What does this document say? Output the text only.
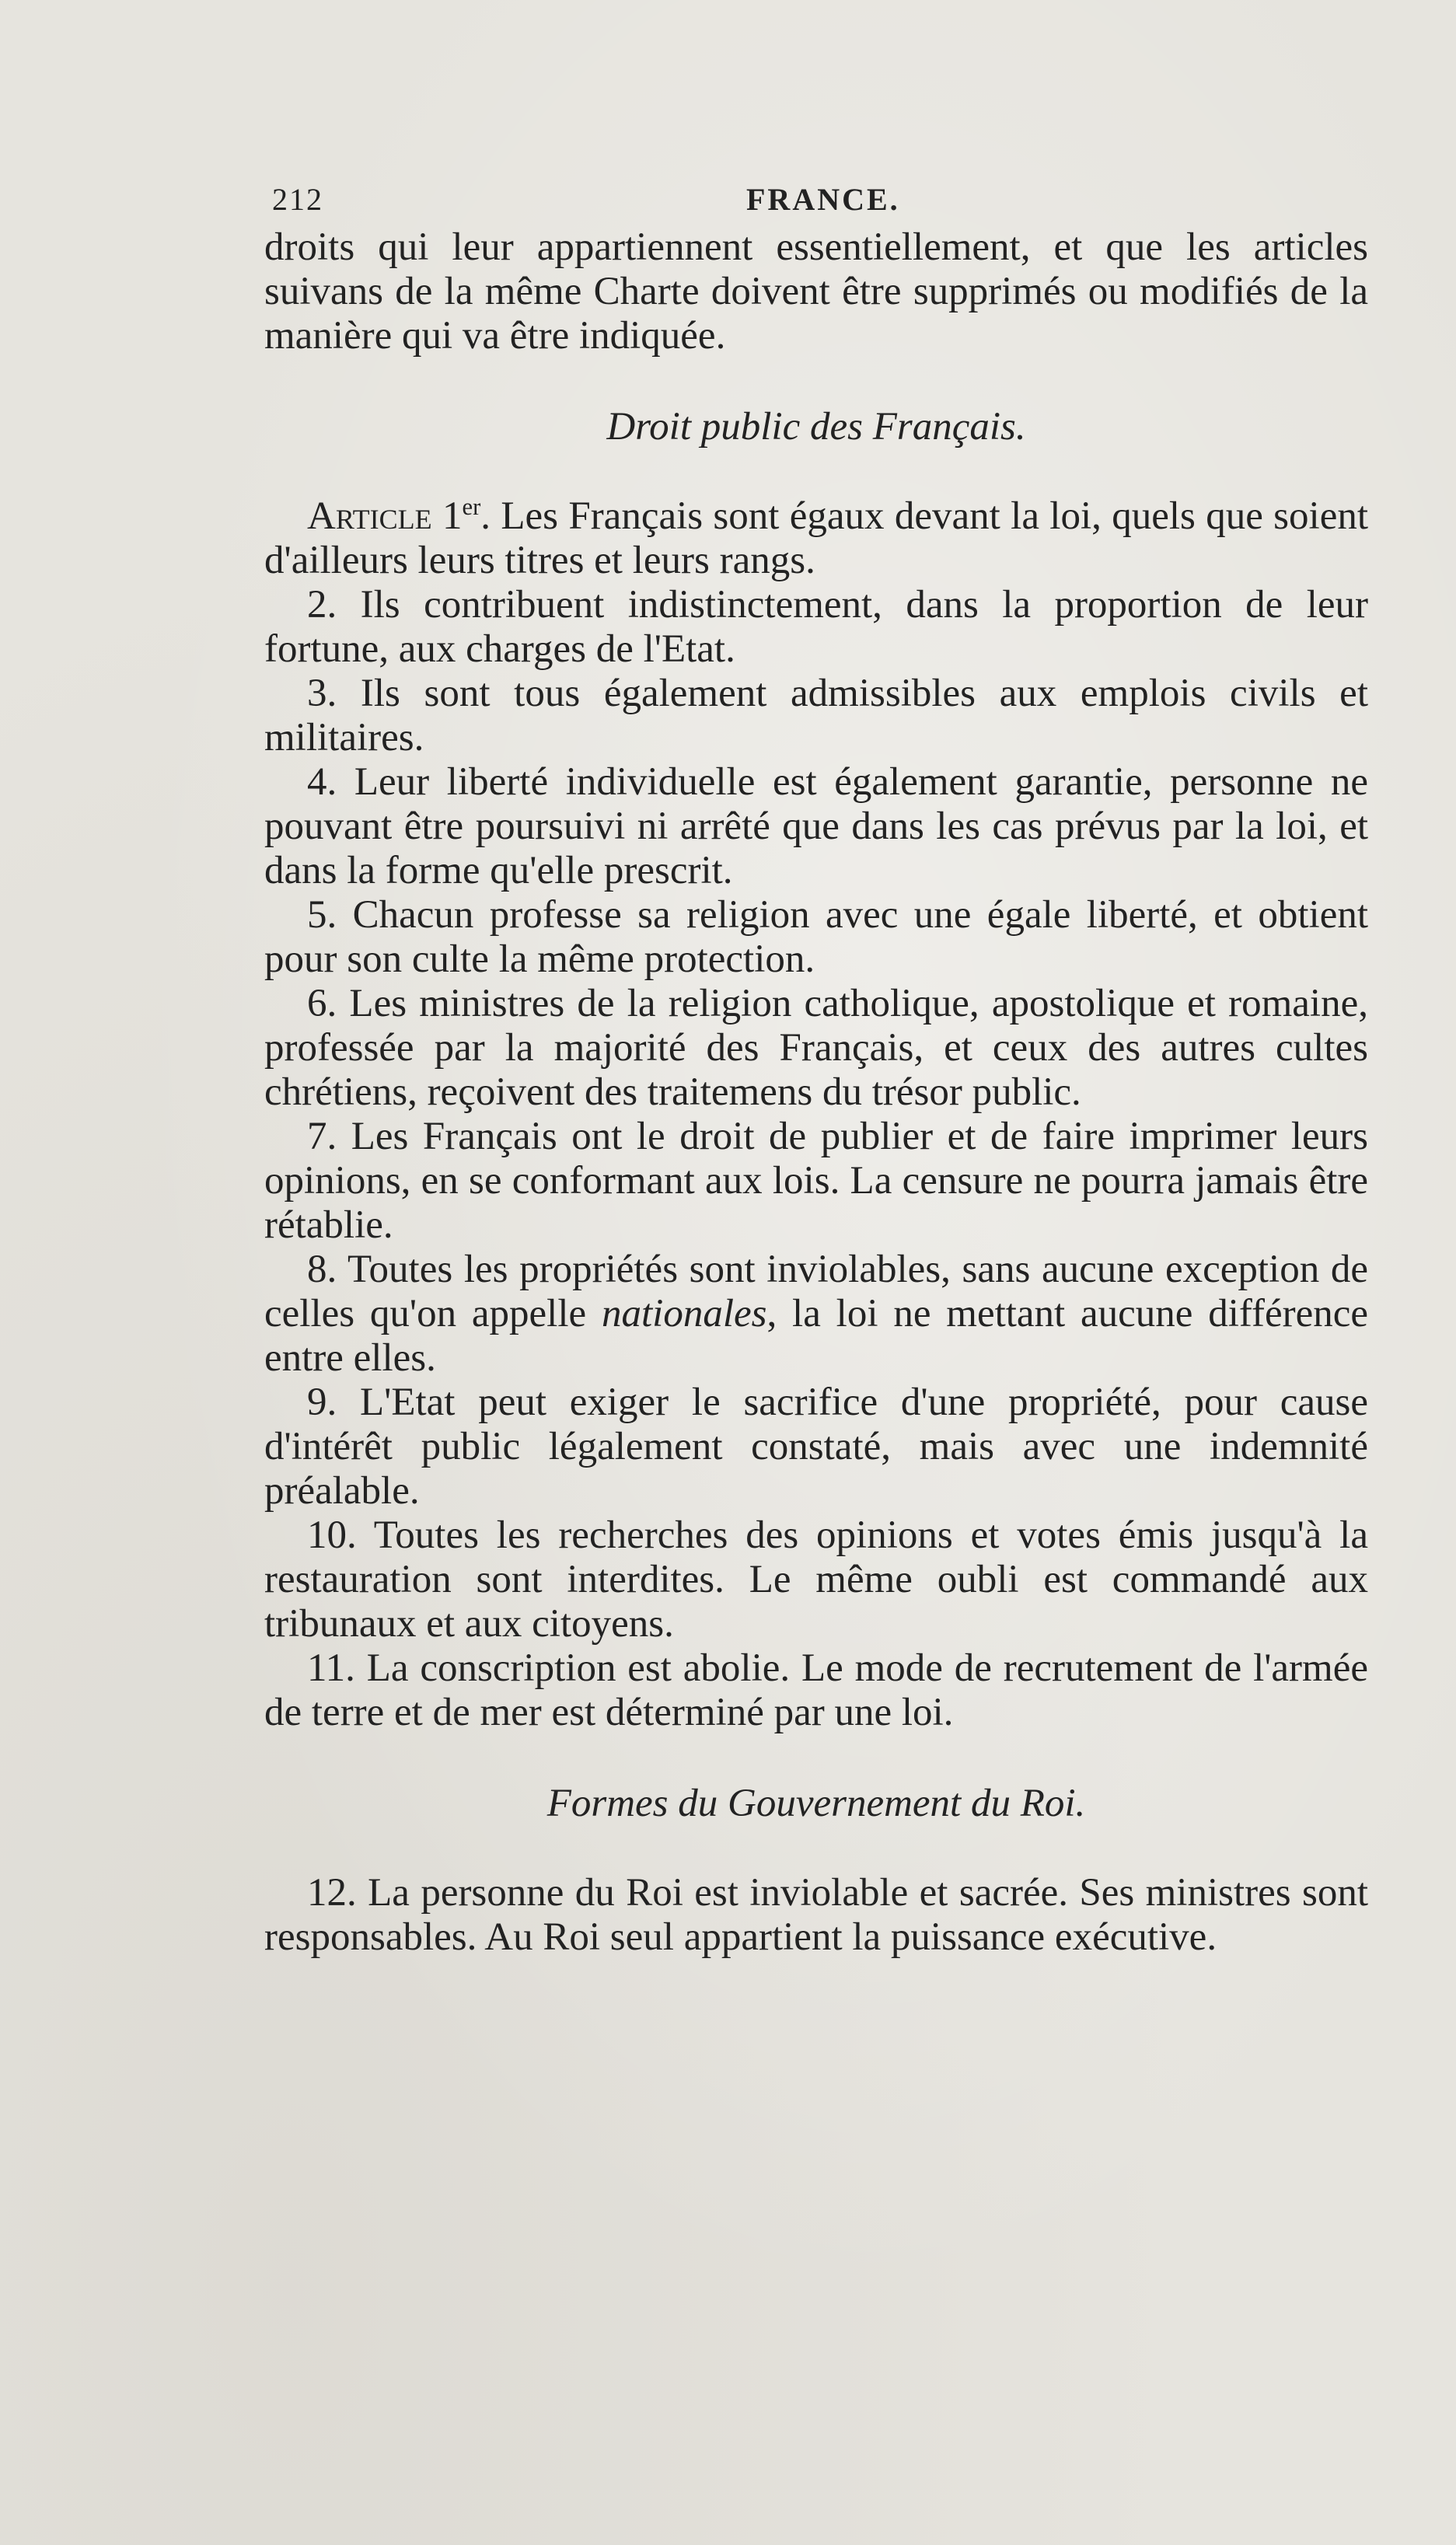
212	FRANCE.

droits qui leur appartiennent essentiellement, et que les articles suivans de la même Charte doivent être supprimés ou modifiés de la manière qui va être indiquée.

Droit public des Français.

Article 1er. Les Français sont égaux devant la loi, quels que soient d'ailleurs leurs titres et leurs rangs.

2. Ils contribuent indistinctement, dans la proportion de leur fortune, aux charges de l'Etat.

3. Ils sont tous également admissibles aux emplois civils et militaires.

4. Leur liberté individuelle est également garantie, personne ne pouvant être poursuivi ni arrêté que dans les cas prévus par la loi, et dans la forme qu'elle prescrit.

5. Chacun professe sa religion avec une égale liberté, et obtient pour son culte la même protection.

6. Les ministres de la religion catholique, apostolique et romaine, professée par la majorité des Français, et ceux des autres cultes chrétiens, reçoivent des traitemens du trésor public.

7. Les Français ont le droit de publier et de faire imprimer leurs opinions, en se conformant aux lois. La censure ne pourra jamais être rétablie.

8. Toutes les propriétés sont inviolables, sans aucune exception de celles qu'on appelle nationales, la loi ne mettant aucune différence entre elles.

9. L'Etat peut exiger le sacrifice d'une propriété, pour cause d'intérêt public légalement constaté, mais avec une indemnité préalable.

10. Toutes les recherches des opinions et votes émis jusqu'à la restauration sont interdites. Le même oubli est commandé aux tribunaux et aux citoyens.

11. La conscription est abolie. Le mode de recrutement de l'armée de terre et de mer est déterminé par une loi.

Formes du Gouvernement du Roi.

12. La personne du Roi est inviolable et sacrée. Ses ministres sont responsables. Au Roi seul appartient la puissance exécutive.
